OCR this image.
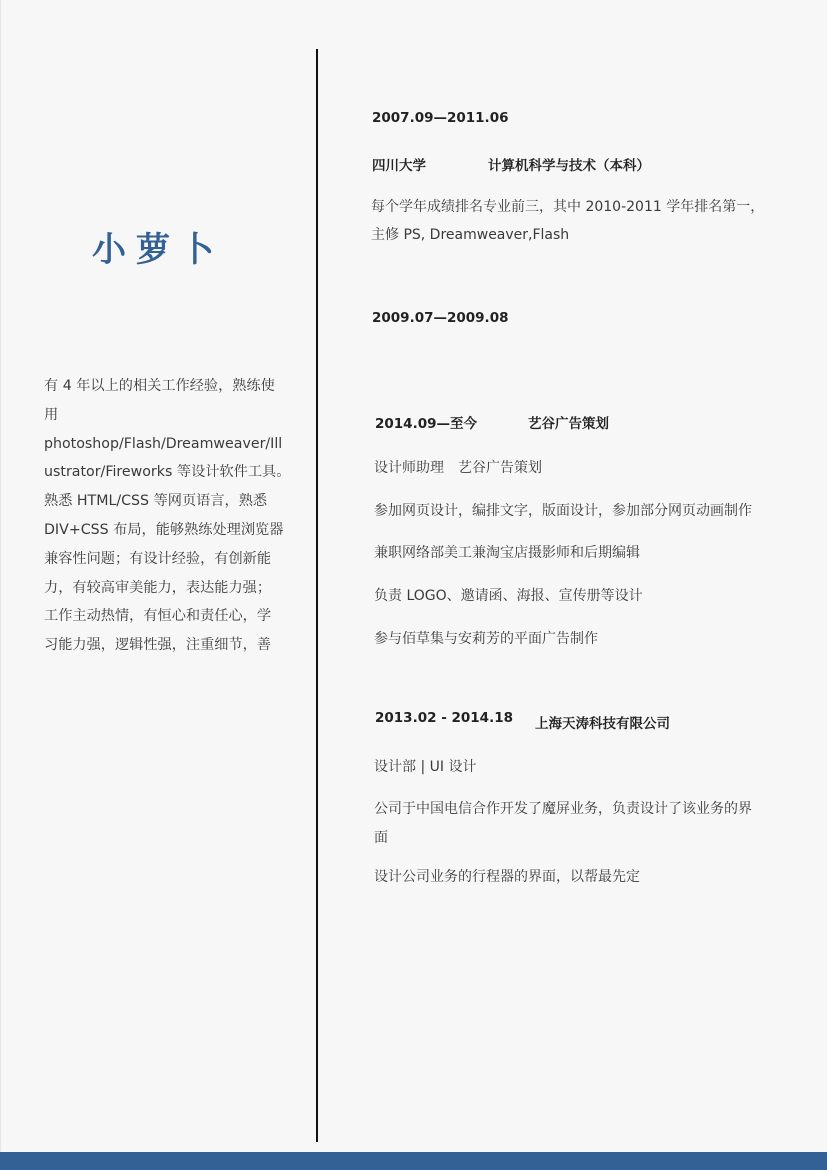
小萝卜
有 4 年以上的相关工作经验，熟练使
用
photoshop/Flash/Dreamweaver/Ill
ustrator/Fireworks 等设计软件工具。
熟悉 HTML/CSS 等网页语言，熟悉
DIV+CSS 布局，能够熟练处理浏览器
兼容性问题；有设计经验，有创新能
力，有较高审美能力，表达能力强；
工作主动热情，有恒心和责任心，学
习能力强，逻辑性强，注重细节，善
2007.09—2011.06
四川大学	计算机科学与技术（本科）
每个学年成绩排名专业前三，其中 2010-2011 学年排名第一，
主修 PS, Dreamweaver,Flash
2009.07—2009.08
2014.09—至今	艺谷广告策划
设计师助理　艺谷广告策划
参加网页设计，编排文字，版面设计，参加部分网页动画制作
兼职网络部美工兼淘宝店摄影师和后期编辑
负责 LOGO、邀请函、海报、宣传册等设计
参与佰草集与安莉芳的平面广告制作
2013.02 - 2014.18 上海天涛科技有限公司
设计部 | UI 设计
公司于中国电信合作开发了魔屏业务，负责设计了该业务的界
面
设计公司业务的行程器的界面，以帮最先定
